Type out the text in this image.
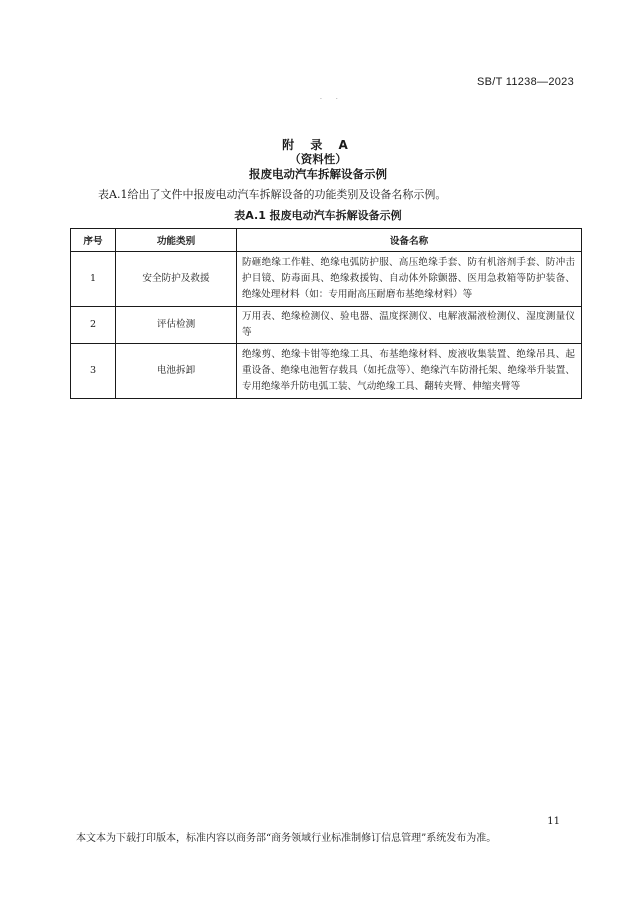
SB/T 11238—2023
· ·
附 录 A
（资料性）
报废电动汽车拆解设备示例
表A.1给出了文件中报废电动汽车拆解设备的功能类别及设备名称示例。
表A.1 报废电动汽车拆解设备示例
序号	功能类别	设备名称
1	安全防护及救援	防砸绝缘工作鞋、绝缘电弧防护服、高压绝缘手套、防有机溶剂手套、防冲击护目镜、防毒面具、绝缘救援钩、自动体外除颤器、医用急救箱等防护装备、绝缘处理材料（如：专用耐高压耐磨布基绝缘材料）等
2	评估检测	万用表、绝缘检测仪、验电器、温度探测仪、电解液漏液检测仪、湿度测量仪等
3	电池拆卸	绝缘剪、绝缘卡钳等绝缘工具、布基绝缘材料、废液收集装置、绝缘吊具、起重设备、绝缘电池暂存载具（如托盘等）、绝缘汽车防滑托架、绝缘举升装置、专用绝缘举升防电弧工装、气动绝缘工具、翻转夹臂、伸缩夹臂等
11
本文本为下载打印版本，标准内容以商务部“商务领域行业标准制修订信息管理”系统发布为准。
